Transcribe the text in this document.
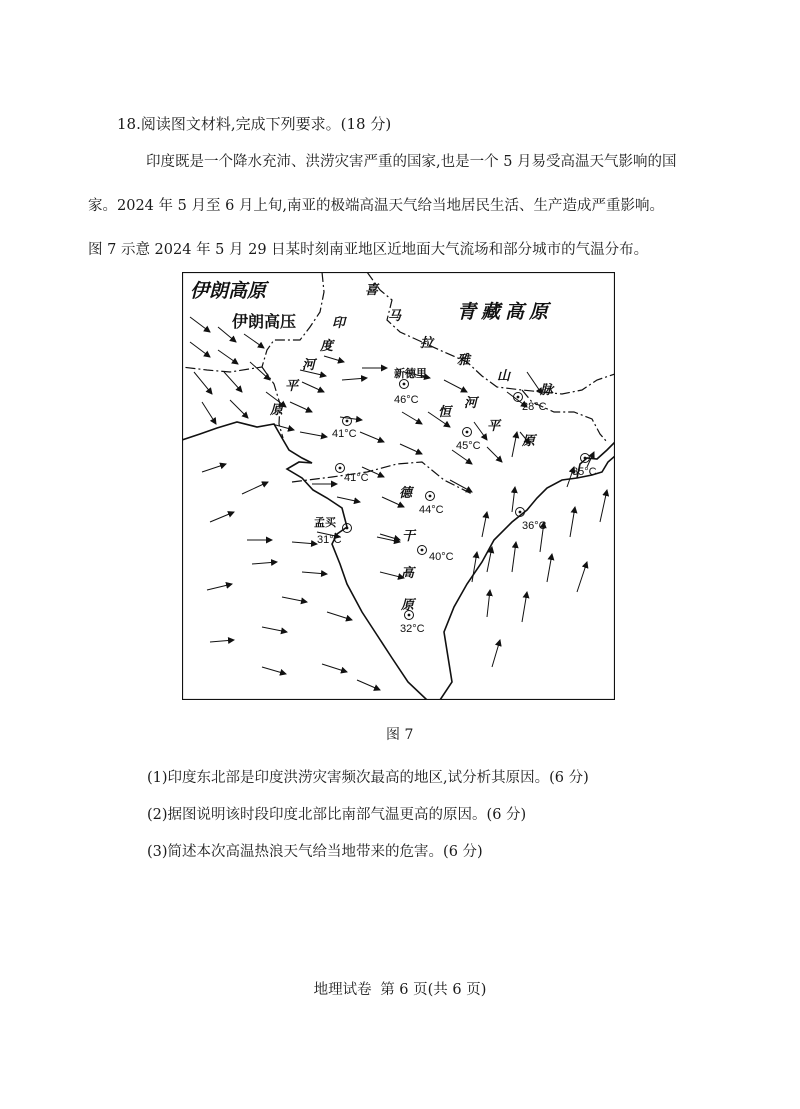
18.阅读图文材料,完成下列要求。(18 分)
印度既是一个降水充沛、洪涝灾害严重的国家,也是一个 5 月易受高温天气影响的国
家。2024 年 5 月至 6 月上旬,南亚的极端高温天气给当地居民生活、生产造成严重影响。
图 7 示意 2024 年 5 月 29 日某时刻南亚地区近地面大气流场和部分城市的气温分布。
伊朗高原
伊朗高压	青藏高原
喜
马
拉
雅
山
脉
印
度
河
平
原	恒
河
平
原
德
干
高
原
新德里
46°C
28°C
41°C
45°C
41°C
44°C
35°C
36°C
孟买
31°C
40°C
32°C
图 7
(1)印度东北部是印度洪涝灾害频次最高的地区,试分析其原因。(6 分)
(2)据图说明该时段印度北部比南部气温更高的原因。(6 分)
(3)简述本次高温热浪天气给当地带来的危害。(6 分)
地理试卷 第 6 页(共 6 页)
